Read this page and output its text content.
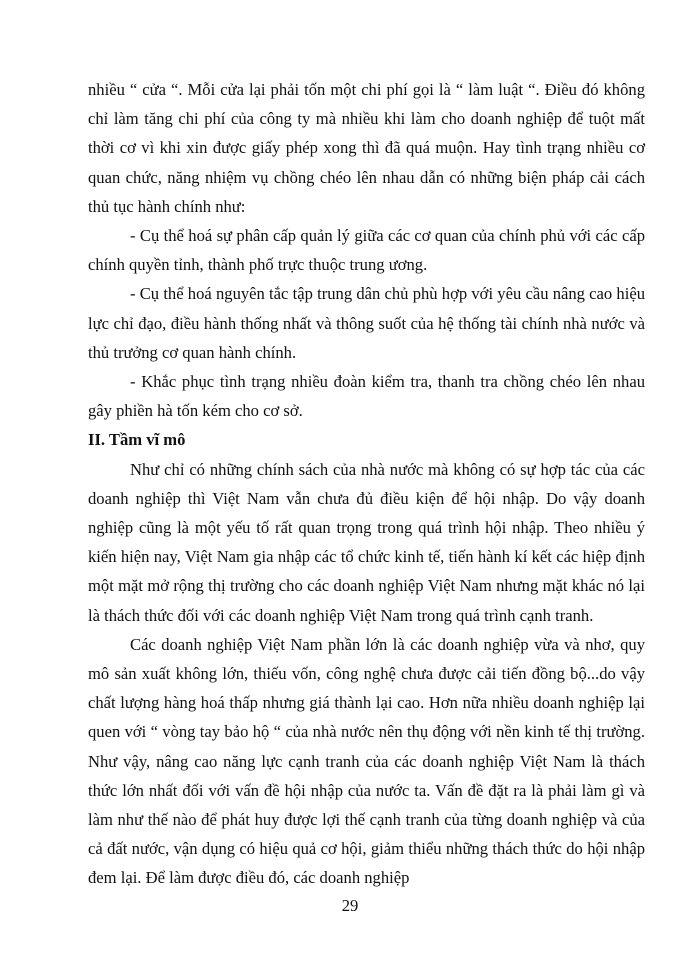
nhiều “ cửa “. Mỗi cửa lại phải tốn một chi phí gọi là “ làm luật “. Điều đó không chỉ làm tăng chi phí của công ty mà nhiều khi làm cho doanh nghiệp để tuột mất thời cơ vì khi xin được giấy phép xong thì đã quá muộn. Hay tình trạng nhiều cơ quan chức, năng nhiệm vụ chồng chéo lên nhau dẫn có những biện pháp cải cách thủ tục hành chính như:

- Cụ thể hoá sự phân cấp quản lý giữa các cơ quan của chính phủ với các cấp chính quyền tỉnh, thành phố trực thuộc trung ương.

- Cụ thể hoá nguyên tắc tập trung dân chủ phù hợp với yêu cầu nâng cao hiệu lực chỉ đạo, điều hành thống nhất và thông suốt của hệ thống tài chính nhà nước và thủ trưởng cơ quan hành chính.

- Khắc phục tình trạng nhiều đoàn kiểm tra, thanh tra chồng chéo lên nhau gây phiền hà tốn kém cho cơ sở.

II. Tầm vĩ mô

Như chỉ có những chính sách của nhà nước mà không có sự hợp tác của các doanh nghiệp thì Việt Nam vẫn chưa đủ điều kiện để hội nhập. Do vậy doanh nghiệp cũng là một yếu tố rất quan trọng trong quá trình hội nhập. Theo nhiều ý kiến hiện nay, Việt Nam gia nhập các tổ chức kinh tế, tiến hành kí kết các hiệp định một mặt mở rộng thị trường cho các doanh nghiệp Việt Nam nhưng mặt khác nó lại là thách thức đối với các doanh nghiệp Việt Nam trong quá trình cạnh tranh.

Các doanh nghiệp Việt Nam phần lớn là các doanh nghiệp vừa và nhơ, quy mô sản xuất không lớn, thiếu vốn, công nghệ chưa được cải tiến đồng bộ...do vậy chất lượng hàng hoá thấp nhưng giá thành lại cao. Hơn nữa nhiều doanh nghiệp lại quen với “ vòng tay bảo hộ “ của nhà nước nên thụ động với nền kinh tế thị trường. Như vậy, nâng cao năng lực cạnh tranh của các doanh nghiệp Việt Nam là thách thức lớn nhất đối với vấn đề hội nhập của nước ta. Vấn đề đặt ra là phải làm gì và làm như thế nào để phát huy được lợi thế cạnh tranh của từng doanh nghiệp và của cả đất nước, vận dụng có hiệu quả cơ hội, giảm thiểu những thách thức do hội nhập đem lại. Để làm được điều đó, các doanh nghiệp

29
